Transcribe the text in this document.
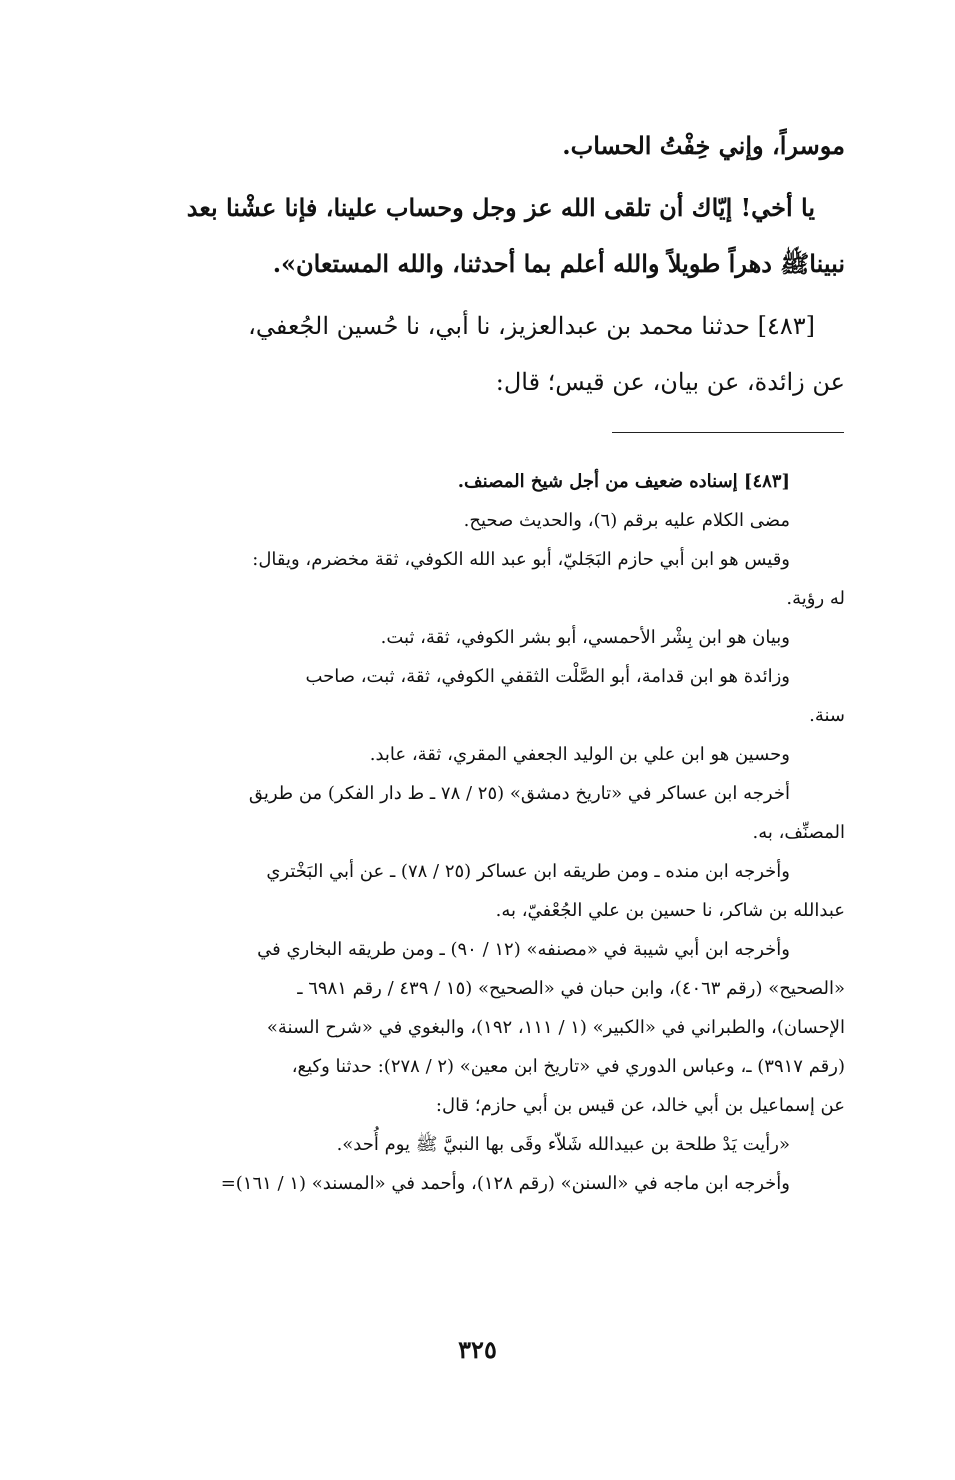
موسراً، وإني خِفْتُ الحساب.

يا أخي! إيّاك أن تلقى الله عز وجل وحساب علينا، فإنا عشْنا بعد

نبيناﷺ دهراً طويلاً والله أعلم بما أحدثنا، والله المستعان».

[٤٨٣] حدثنا محمد بن عبدالعزيز، نا أبي، نا حُسين الجُعفي،

عن زائدة، عن بيان، عن قيس؛ قال:

[٤٨٣] إسناده ضعيف من أجل شيخ المصنف.

مضى الكلام عليه برقم (٦)، والحديث صحيح.

وقيس هو ابن أبي حازم البَجَليّ، أبو عبد الله الكوفي، ثقة مخضرم، ويقال:

له رؤية.

وبيان هو ابن بِشْر الأحمسي، أبو بشر الكوفي، ثقة، ثبت.

وزائدة هو ابن قدامة، أبو الصَّلْت الثقفي الكوفي، ثقة، ثبت، صاحب

سنة.

وحسين هو ابن علي بن الوليد الجعفي المقري، ثقة، عابد.

أخرجه ابن عساكر في «تاريخ دمشق» (٢٥ / ٧٨ ـ ط دار الفكر) من طريق

المصنِّف، به.

وأخرجه ابن منده ـ ومن طريقه ابن عساكر (٢٥ / ٧٨) ـ عن أبي البَخْتري

عبدالله بن شاكر، نا حسين بن علي الجُعْفيّ، به.

وأخرجه ابن أبي شيبة في «مصنفه» (١٢ / ٩٠) ـ ومن طريقه البخاري في

«الصحيح» (رقم ٤٠٦٣)، وابن حبان في «الصحيح» (١٥ / ٤٣٩ / رقم ٦٩٨١ ـ

الإحسان)، والطبراني في «الكبير» (١ / ١١١، ١٩٢)، والبغوي في «شرح السنة»

(رقم ٣٩١٧) ـ، وعباس الدوري في «تاريخ ابن معين» (٢ / ٢٧٨): حدثنا وكيع،

عن إسماعيل بن أبي خالد، عن قيس بن أبي حازم؛ قال:

«رأيت يَدْ طلحة بن عبيدالله شَلاّء وقَى بها النبيَّ ﷺ يوم أُحد».

وأخرجه ابن ماجه في «السنن» (رقم ١٢٨)، وأحمد في «المسند» (١ / ١٦١)=

٣٢٥
